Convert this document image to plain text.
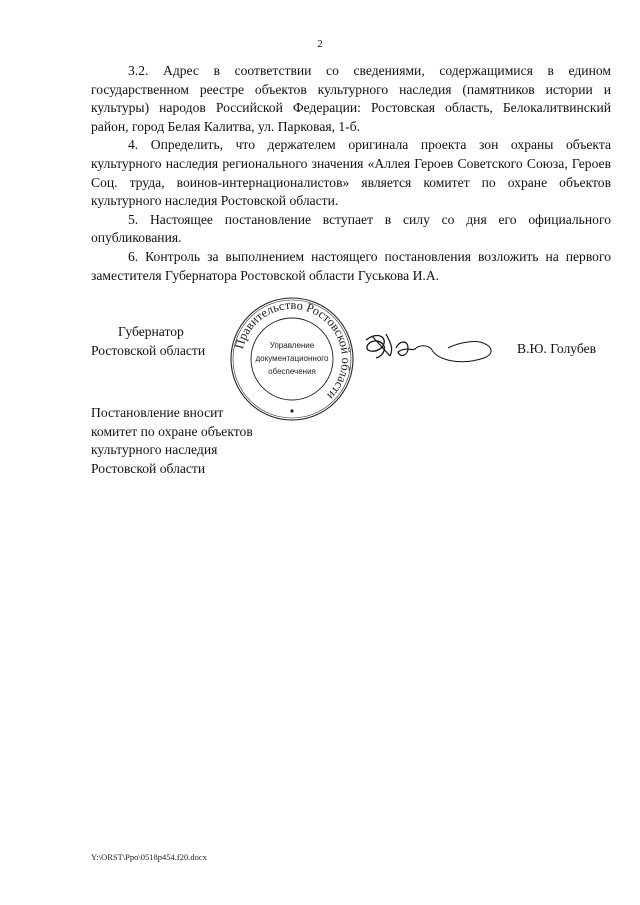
2

3.2. Адрес в соответствии со сведениями, содержащимися в едином государственном реестре объектов культурного наследия (памятников истории и культуры) народов Российской Федерации: Ростовская область, Белокалитвинский район, город Белая Калитва, ул. Парковая, 1-б.

4. Определить, что держателем оригинала проекта зон охраны объекта культурного наследия регионального значения «Аллея Героев Советского Союза, Героев Соц. труда, воинов-интернационалистов» является комитет по охране объектов культурного наследия Ростовской области.

5. Настоящее постановление вступает в силу со дня его официального опубликования.

6. Контроль за выполнением настоящего постановления возложить на первого заместителя Губернатора Ростовской области Гуськова И.А.

Губернатор
Ростовской области Правительство Ростовской области
Управление
документационного
обеспечения
В.Ю. Голубев
Постановление вносит
комитет по охране объектов
культурного наследия
Ростовской области
Y:\ORST\Ppo\0518p454.f20.docx
